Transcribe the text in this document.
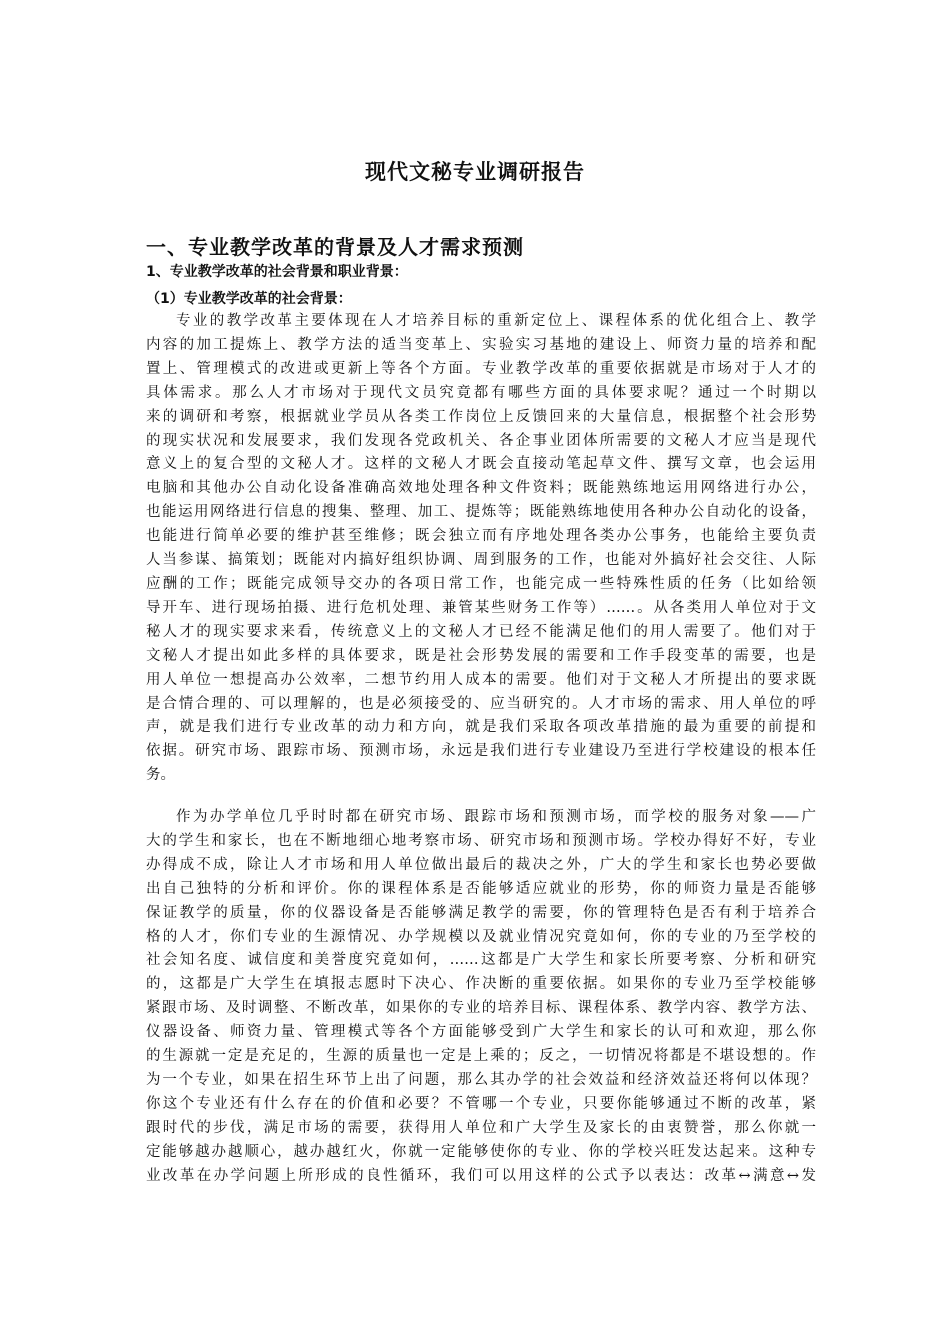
现代文秘专业调研报告
一、专业教学改革的背景及人才需求预测
1、专业教学改革的社会背景和职业背景：
（1）专业教学改革的社会背景：
专业的教学改革主要体现在人才培养目标的重新定位上、课程体系的优化组合上、教学
内容的加工提炼上、教学方法的适当变革上、实验实习基地的建设上、师资力量的培养和配
置上、管理模式的改进或更新上等各个方面。专业教学改革的重要依据就是市场对于人才的
具体需求。那么人才市场对于现代文员究竟都有哪些方面的具体要求呢？通过一个时期以
来的调研和考察，根据就业学员从各类工作岗位上反馈回来的大量信息，根据整个社会形势
的现实状况和发展要求，我们发现各党政机关、各企事业团体所需要的文秘人才应当是现代
意义上的复合型的文秘人才。这样的文秘人才既会直接动笔起草文件、撰写文章，也会运用
电脑和其他办公自动化设备准确高效地处理各种文件资料；既能熟练地运用网络进行办公，
也能运用网络进行信息的搜集、整理、加工、提炼等；既能熟练地使用各种办公自动化的设备，
也能进行简单必要的维护甚至维修；既会独立而有序地处理各类办公事务，也能给主要负责
人当参谋、搞策划；既能对内搞好组织协调、周到服务的工作，也能对外搞好社会交往、人际
应酬的工作；既能完成领导交办的各项日常工作，也能完成一些特殊性质的任务（比如给领
导开车、进行现场拍摄、进行危机处理、兼管某些财务工作等）……。从各类用人单位对于文
秘人才的现实要求来看，传统意义上的文秘人才已经不能满足他们的用人需要了。他们对于
文秘人才提出如此多样的具体要求，既是社会形势发展的需要和工作手段变革的需要，也是
用人单位一想提高办公效率，二想节约用人成本的需要。他们对于文秘人才所提出的要求既
是合情合理的、可以理解的，也是必须接受的、应当研究的。人才市场的需求、用人单位的呼
声，就是我们进行专业改革的动力和方向，就是我们采取各项改革措施的最为重要的前提和
依据。研究市场、跟踪市场、预测市场，永远是我们进行专业建设乃至进行学校建设的根本任
务。
作为办学单位几乎时时都在研究市场、跟踪市场和预测市场，而学校的服务对象——广
大的学生和家长，也在不断地细心地考察市场、研究市场和预测市场。学校办得好不好，专业
办得成不成，除让人才市场和用人单位做出最后的裁决之外，广大的学生和家长也势必要做
出自己独特的分析和评价。你的课程体系是否能够适应就业的形势，你的师资力量是否能够
保证教学的质量，你的仪器设备是否能够满足教学的需要，你的管理特色是否有利于培养合
格的人才，你们专业的生源情况、办学规模以及就业情况究竟如何，你的专业的乃至学校的
社会知名度、诚信度和美誉度究竟如何，……这都是广大学生和家长所要考察、分析和研究
的，这都是广大学生在填报志愿时下决心、作决断的重要依据。如果你的专业乃至学校能够
紧跟市场、及时调整、不断改革，如果你的专业的培养目标、课程体系、教学内容、教学方法、
仪器设备、师资力量、管理模式等各个方面能够受到广大学生和家长的认可和欢迎，那么你
的生源就一定是充足的，生源的质量也一定是上乘的；反之，一切情况将都是不堪设想的。作
为一个专业，如果在招生环节上出了问题，那么其办学的社会效益和经济效益还将何以体现？
你这个专业还有什么存在的价值和必要？不管哪一个专业，只要你能够通过不断的改革，紧
跟时代的步伐，满足市场的需要，获得用人单位和广大学生及家长的由衷赞誉，那么你就一
定能够越办越顺心，越办越红火，你就一定能够使你的专业、你的学校兴旺发达起来。这种专
业改革在办学问题上所形成的良性循环，我们可以用这样的公式予以表达：改革↔满意↔发
